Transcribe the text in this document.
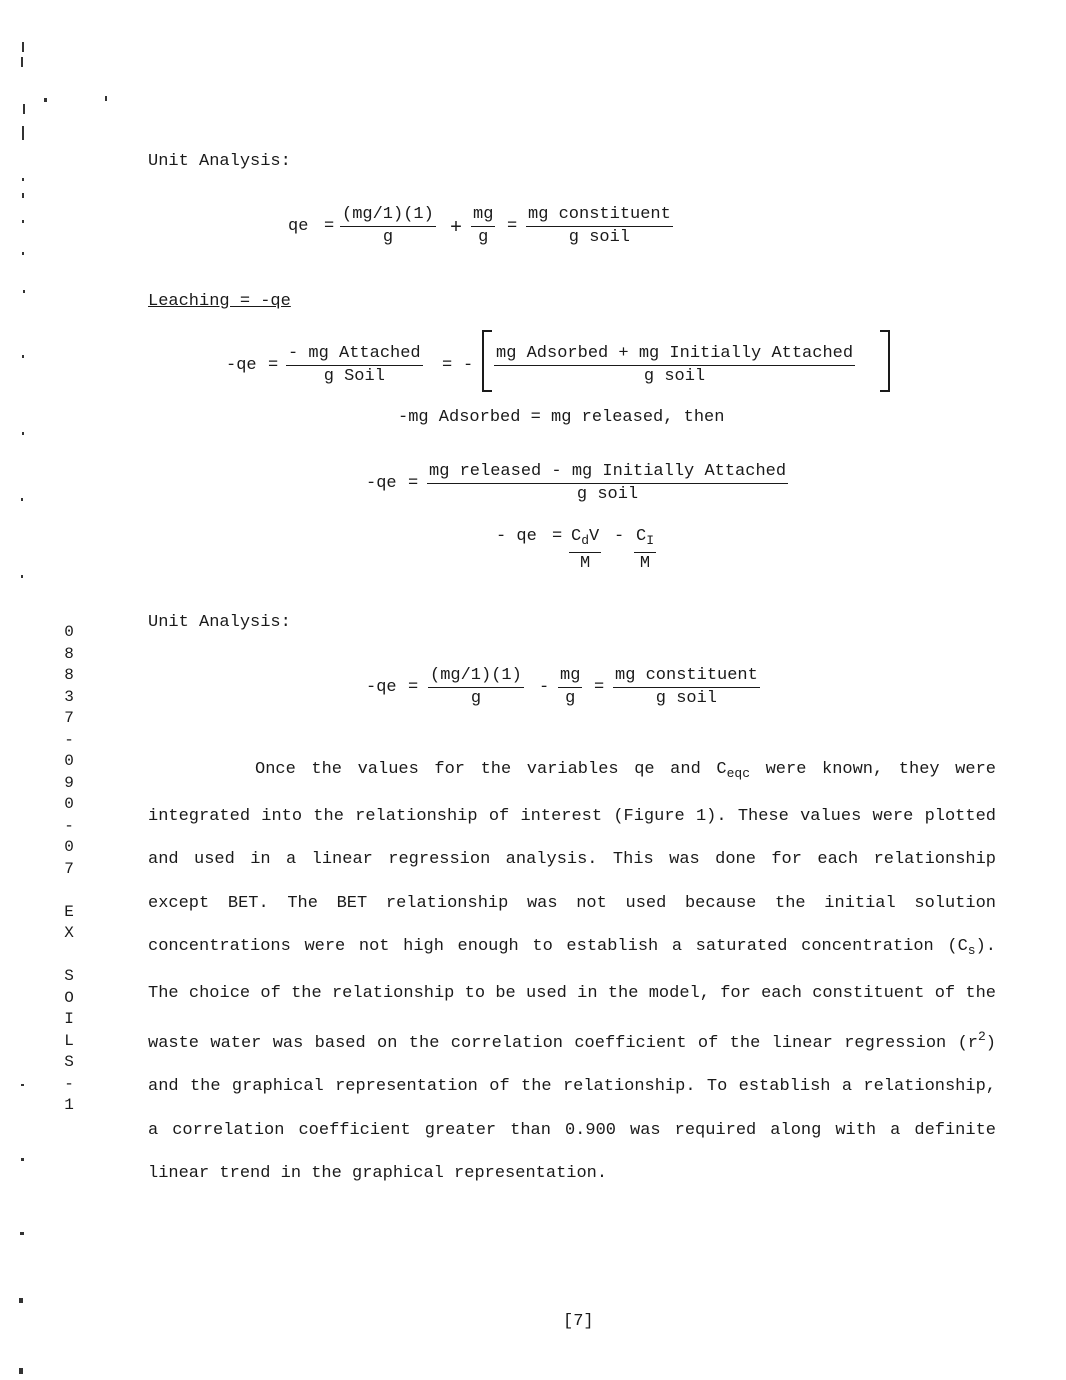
Unit Analysis:
qe = $\frac{(mg/1)(1)}{g} + \frac{mg}{g}$ =
mg constituent
g soil
Leaching = -qe
-qe =
- mg Attached
g Soil
= -
mg Adsorbed + mg Initially Attached
g soil
-mg Adsorbed = mg released, then
-qe =
mg released - mg Initially Attached
g soil
- qe = $C_dV$
M
- $\frac{C_I}{M}$
Unit Analysis:
$-qe = \frac{(mg/1)(1)}{g} - \frac{mg}{g}$ =
mg constituent
g soil

Once the values for the variables qe and $C_{eqc}$ were known, they were integrated into the relationship of interest (Figure 1). These values were plotted and used in a linear regression analysis. This was done for each relationship except BET. The BET relationship was not used because the initial solution concentrations were not high enough to establish a saturated concentration $(C_s)$. The choice of the relationship to be used in the model, for each constituent of the waste water was based on the correlation coefficient of the linear regression $(r^2)$ and the graphical representation of the relationship. To establish a relationship, a correlation coefficient greater than 0.900 was required along with a definite linear trend in the graphical representation.

0
8
8
3
7
-
0
9
0
-
0
7
E
X
S
O
I
L
S
-
1
[7]
